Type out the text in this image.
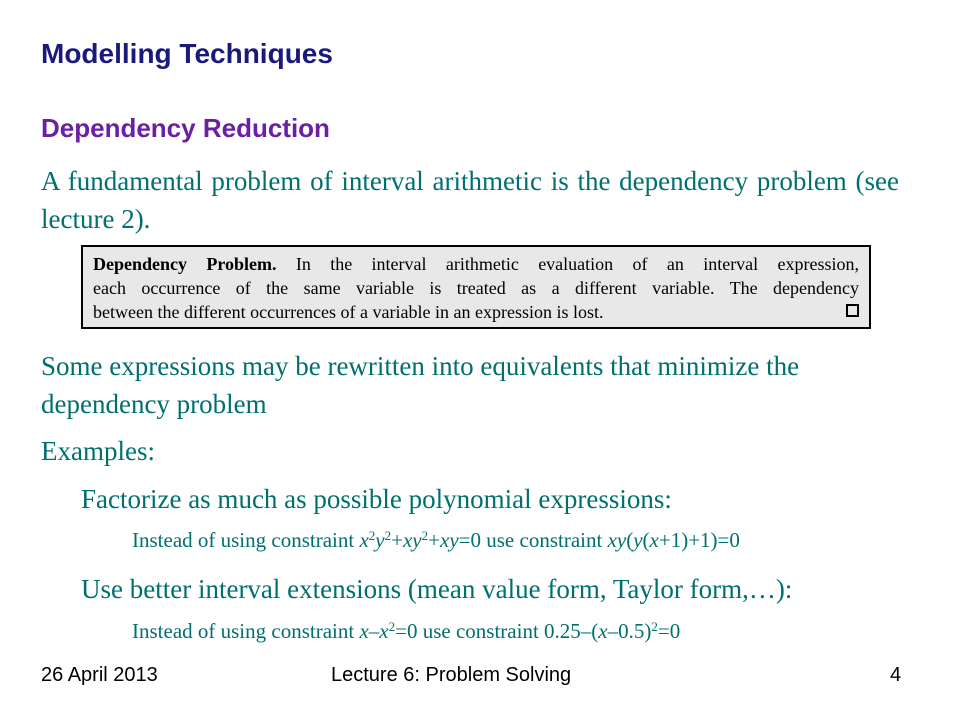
Modelling Techniques
Dependency Reduction
A fundamental problem of interval arithmetic is the dependency problem (see lecture 2).
Dependency Problem. In the interval arithmetic evaluation of an interval expression,
each occurrence of the same variable is treated as a different variable. The dependency
between the different occurrences of a variable in an expression is lost.
Some expressions may be rewritten into equivalents that minimize the dependency problem
Examples:
Factorize as much as possible polynomial expressions:
Instead of using constraint $x^2y^2+xy^2+xy=0$ use constraint xy(y(x+1)+1)=0
Use better interval extensions (mean value form, Taylor form,…):
Instead of using constraint $x-x^2=0$ use constraint $0.25-(x-0.5)^2=0$
26 April 2013	Lecture 6: Problem Solving	4
